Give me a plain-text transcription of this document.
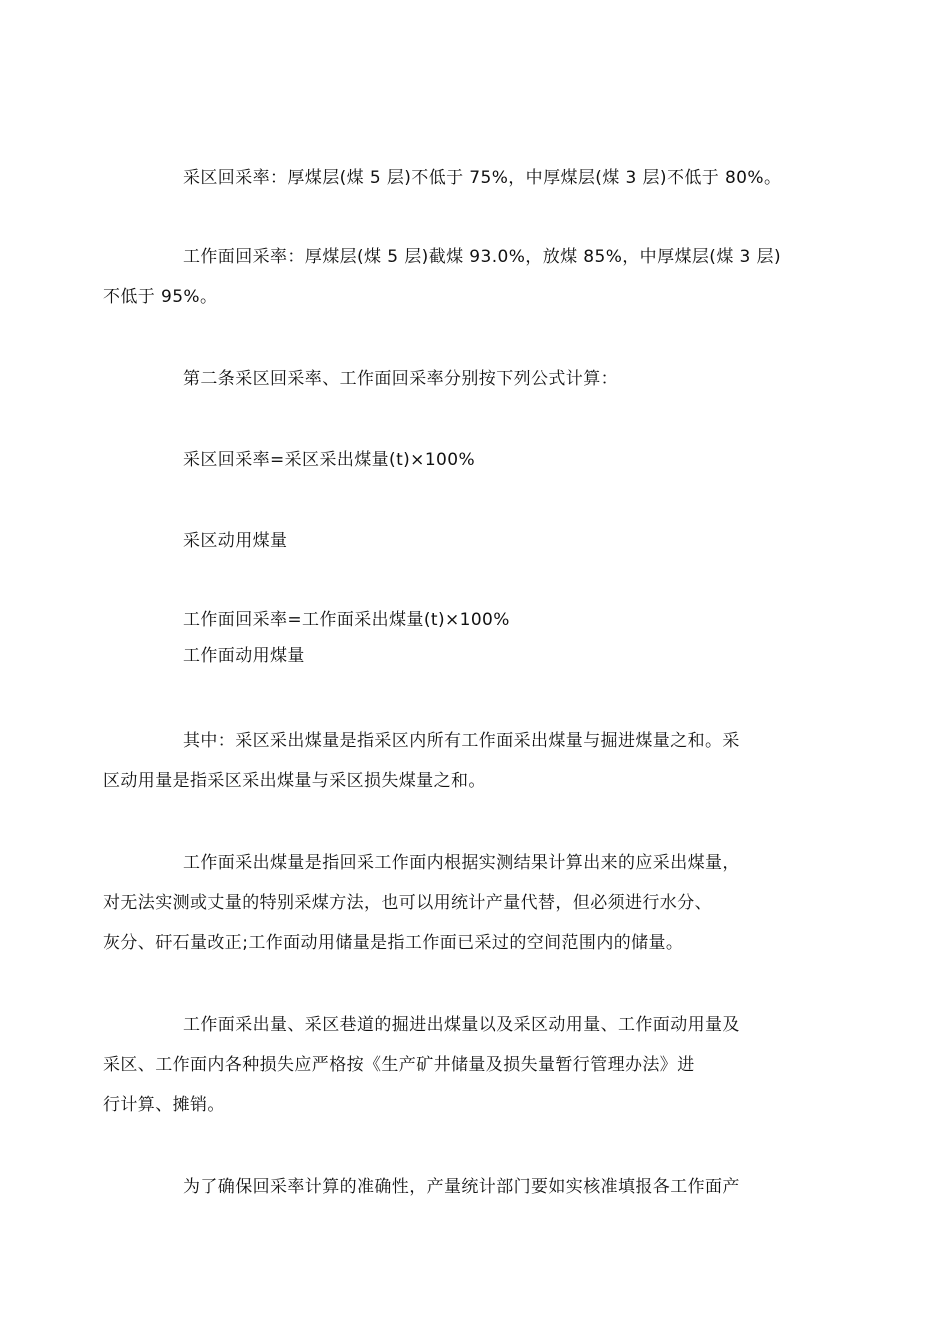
采区回采率：厚煤层(煤 5 层)不低于 75%，中厚煤层(煤 3 层)不低于 80%。

工作面回采率：厚煤层(煤 5 层)截煤 93.0%，放煤 85%，中厚煤层(煤 3 层)
不低于 95%。

第二条采区回采率、工作面回采率分别按下列公式计算：

采区回采率=采区采出煤量(t)×100%

采区动用煤量

工作面回采率=工作面采出煤量(t)×100%
工作面动用煤量

其中：采区采出煤量是指采区内所有工作面采出煤量与掘进煤量之和。采
区动用量是指采区采出煤量与采区损失煤量之和。

工作面采出煤量是指回采工作面内根据实测结果计算出来的应采出煤量，
对无法实测或丈量的特别采煤方法，也可以用统计产量代替，但必须进行水分、
灰分、矸石量改正;工作面动用储量是指工作面已采过的空间范围内的储量。

工作面采出量、采区巷道的掘进出煤量以及采区动用量、工作面动用量及
采区、工作面内各种损失应严格按《生产矿井储量及损失量暂行管理办法》进
行计算、摊销。

为了确保回采率计算的准确性，产量统计部门要如实核准填报各工作面产
